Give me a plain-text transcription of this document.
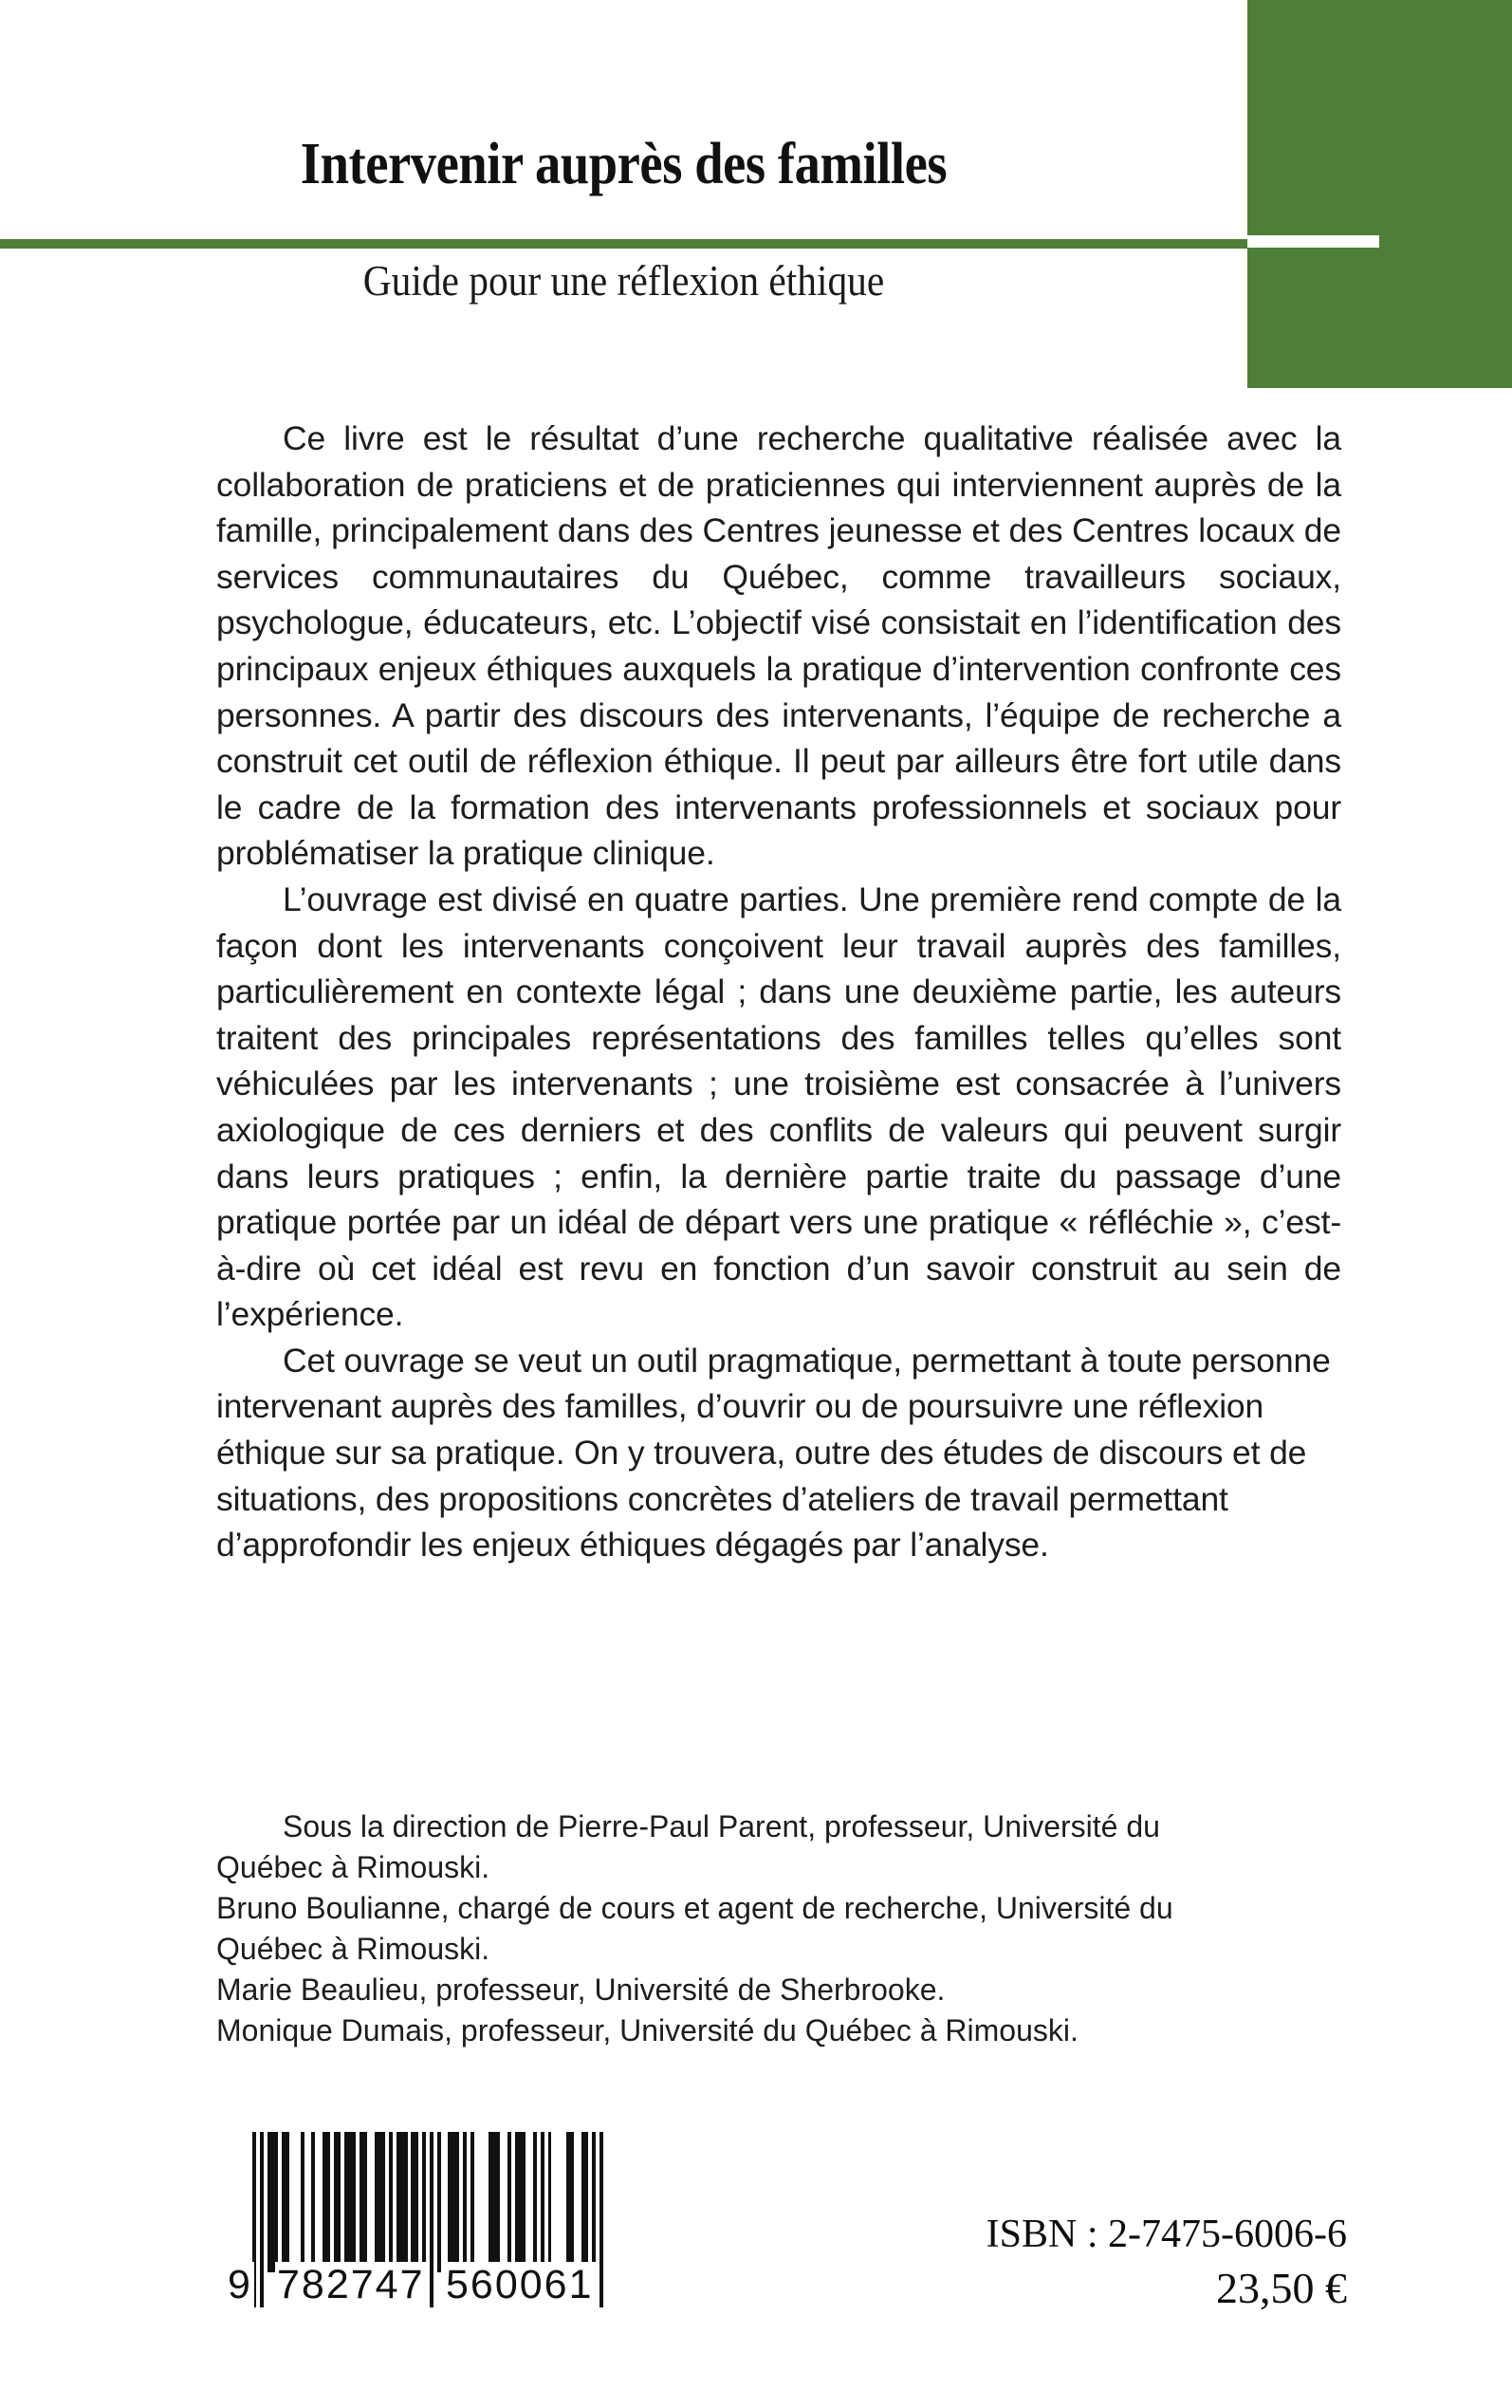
Intervenir auprès des familles
Guide pour une réflexion éthique

Ce livre est le résultat d’une recherche qualitative réalisée avec la collaboration de praticiens et de praticiennes qui interviennent auprès de la famille, principalement dans des Centres jeunesse et des Centres locaux de services communautaires du Québec, comme travailleurs sociaux, psychologue, éducateurs, etc. L’objectif visé consistait en l’identification des principaux enjeux éthiques auxquels la pratique d’intervention confronte ces personnes. A partir des discours des intervenants, l’équipe de recherche a construit cet outil de réflexion éthique. Il peut par ailleurs être fort utile dans le cadre de la formation des intervenants professionnels et sociaux pour problématiser la pratique clinique.

L’ouvrage est divisé en quatre parties. Une première rend compte de la façon dont les intervenants conçoivent leur travail auprès des familles, particulièrement en contexte légal ; dans une deuxième partie, les auteurs traitent des principales représentations des familles telles qu’elles sont véhiculées par les intervenants ; une troisième est consacrée à l’univers axiologique de ces derniers et des conflits de valeurs qui peuvent surgir dans leurs pratiques ; enfin, la dernière partie traite du passage d’une pratique portée par un idéal de départ vers une pratique « réfléchie », c’est-à-dire où cet idéal est revu en fonction d’un savoir construit au sein de l’expérience.

Cet ouvrage se veut un outil pragmatique, permettant à toute personne intervenant auprès des familles, d’ouvrir ou de poursuivre une réflexion éthique sur sa pratique. On y trouvera, outre des études de discours et de situations, des propositions concrètes d’ateliers de travail permettant d’approfondir les enjeux éthiques dégagés par l’analyse.

Sous la direction de Pierre-Paul Parent, professeur, Université du
Québec à Rimouski.
Bruno Boulianne, chargé de cours et agent de recherche, Université du
Québec à Rimouski.
Marie Beaulieu, professeur, Université de Sherbrooke.
Monique Dumais, professeur, Université du Québec à Rimouski.
9 782747 560061
ISBN : 2-7475-6006-6
23,50 €
